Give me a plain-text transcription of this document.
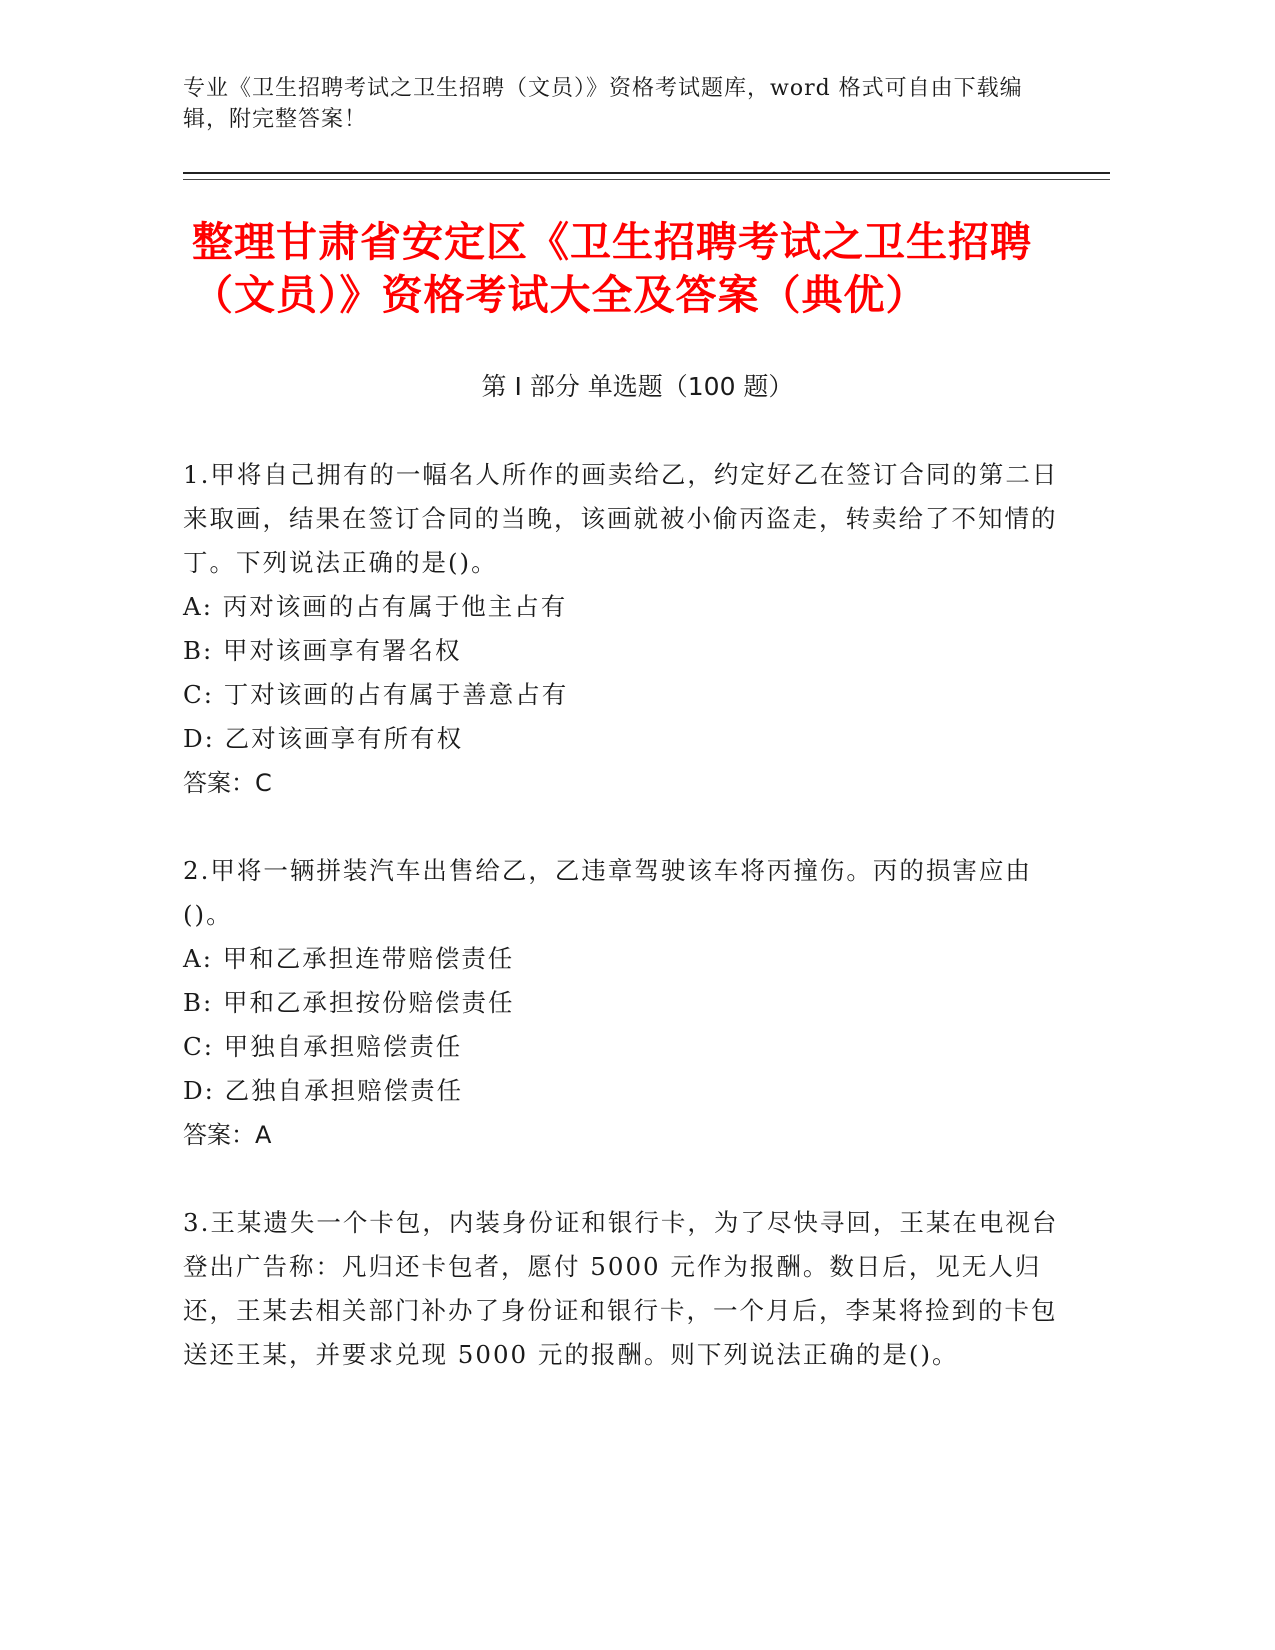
专业《卫生招聘考试之卫生招聘（文员）》资格考试题库，word 格式可自由下载编辑，附完整答案！
整理甘肃省安定区《卫生招聘考试之卫生招聘（文员）》资格考试大全及答案（典优）
第 I 部分 单选题（100 题）
1.甲将自己拥有的一幅名人所作的画卖给乙，约定好乙在签订合同的第二日来取画，结果在签订合同的当晚，该画就被小偷丙盗走，转卖给了不知情的丁。下列说法正确的是()。
A: 丙对该画的占有属于他主占有
B: 甲对该画享有署名权
C: 丁对该画的占有属于善意占有
D: 乙对该画享有所有权
答案：C
2.甲将一辆拼装汽车出售给乙，乙违章驾驶该车将丙撞伤。丙的损害应由()。
A: 甲和乙承担连带赔偿责任
B: 甲和乙承担按份赔偿责任
C: 甲独自承担赔偿责任
D: 乙独自承担赔偿责任
答案：A
3.王某遗失一个卡包，内装身份证和银行卡，为了尽快寻回，王某在电视台登出广告称：凡归还卡包者，愿付 5000 元作为报酬。数日后，见无人归还，王某去相关部门补办了身份证和银行卡，一个月后，李某将捡到的卡包送还王某，并要求兑现 5000 元的报酬。则下列说法正确的是()。
